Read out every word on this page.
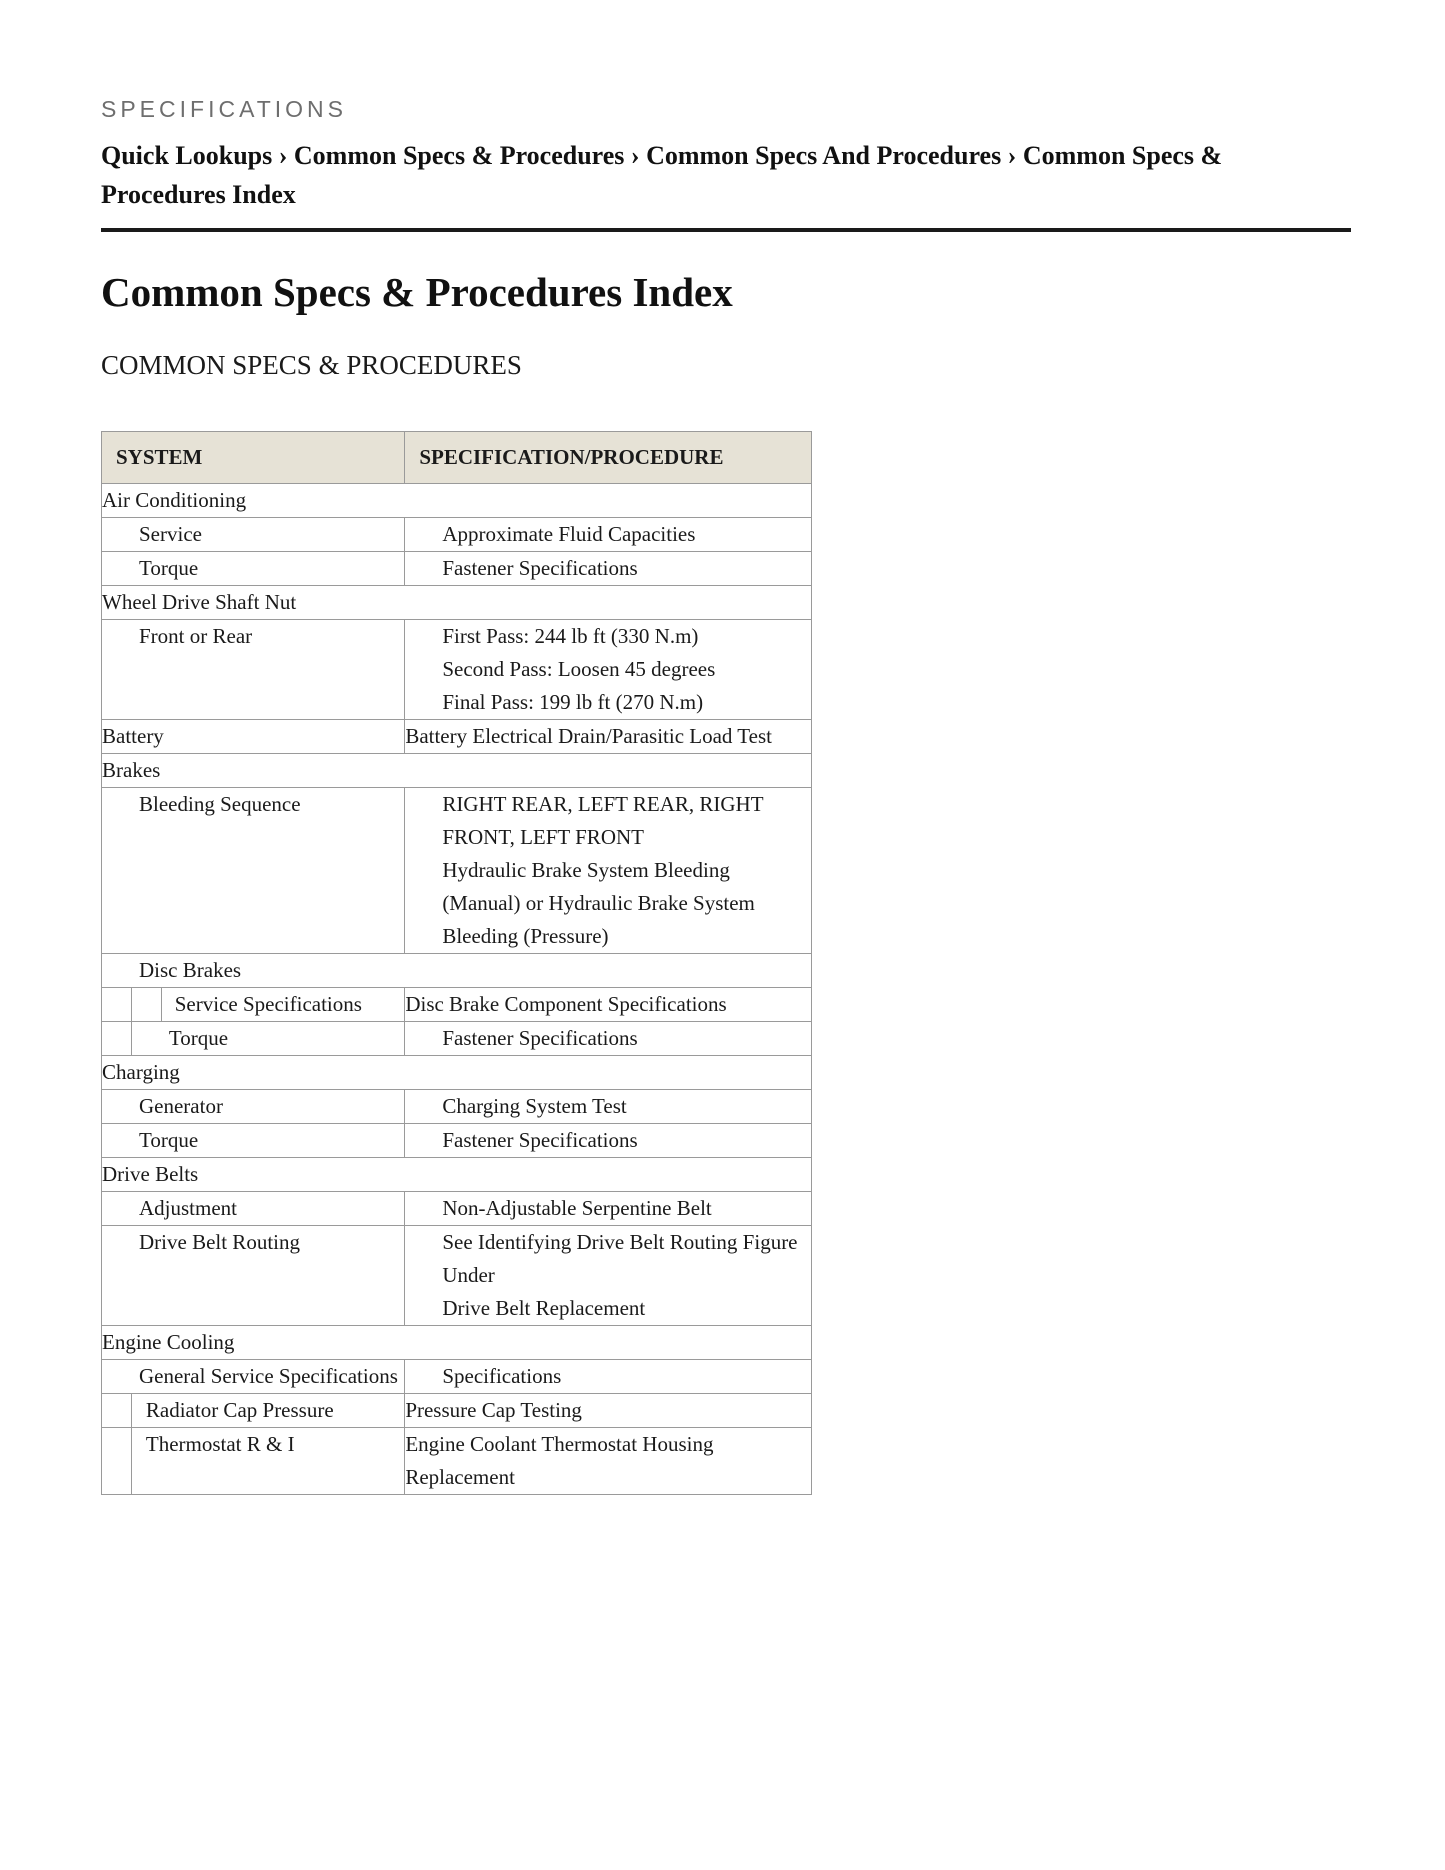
SPECIFICATIONS
Quick Lookups › Common Specs & Procedures › Common Specs And Procedures › Common Specs & Procedures Index
Common Specs & Procedures Index
COMMON SPECS & PROCEDURES
SYSTEM			SPECIFICATION/PROCEDURE
Air Conditioning			
Service			Approximate Fluid Capacities
Torque			Fastener Specifications
Wheel Drive Shaft Nut			
Front or Rear			First Pass: 244 lb ft (330 N.m)
Second Pass: Loosen 45 degrees
Final Pass: 199 lb ft (270 N.m)

Battery			Battery Electrical Drain/Parasitic Load Test
Brakes			
Bleeding Sequence			RIGHT REAR, LEFT REAR, RIGHT FRONT, LEFT FRONT
Hydraulic Brake System Bleeding (Manual) or Hydraulic Brake System Bleeding (Pressure)

Disc Brakes			
		Service Specifications	Disc Brake Component Specifications
	Torque		Fastener Specifications
Charging			
Generator			Charging System Test
Torque			Fastener Specifications
Drive Belts			
Adjustment			Non-Adjustable Serpentine Belt
Drive Belt Routing			See Identifying Drive Belt Routing Figure Under
Drive Belt Replacement

Engine Cooling			
General Service Specifications			Specifications
	Radiator Cap Pressure		Pressure Cap Testing
	Thermostat R & I		Engine Coolant Thermostat Housing Replacement
